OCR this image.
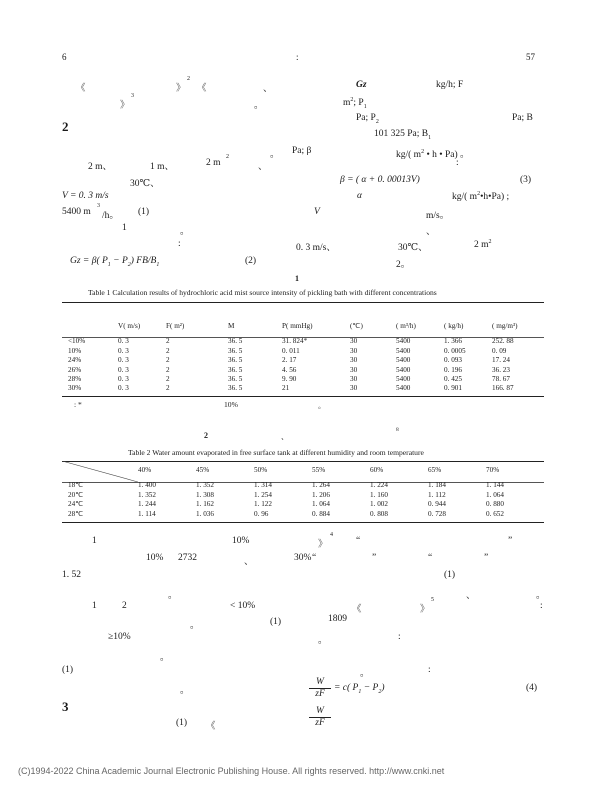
6	:	57
《	》
2
《	、
》
3
。
2
2 m、	1 m、	2 m
2
、
30℃、
V = 0. 3 m/s
5400 m
3
/h。 (1)
1	。
:
Gz = β( $P_1 - P_2$) $FB/B_1$	(2)
Gz	kg/h; F
$m^2$; $P_1$
Pa; $P_2$	Pa; B
101 325 Pa; $B_1$
。 Pa; β	kg/( $m^2$ • h • Pa) 。
:
β = ( α + 0. 00013V)	(3)
α	kg/( $m^2•h•Pa$) ;
V	m/s。
、
0. 3 m/s、	30℃、	2 $m^2$
2。
1
Table 1 Calculation results of hydrochloric acid mist source intensity of pickling bath with different concentrations
	V( m/s)	F( m²)	M	P( mmHg)	(℃)	( m³/h)	( kg/h)	( mg/m³)

<10%	0. 3	2	36. 5	31. 824*	30	5400	1. 366	252. 88
10%	0. 3	2	36. 5	0. 011	30	5400	0. 0005	0. 09
24%	0. 3	2	36. 5	2. 17	30	5400	0. 093	17. 24
26%	0. 3	2	36. 5	4. 56	30	5400	0. 196	36. 23
28%	0. 3	2	36. 5	9. 90	30	5400	0. 425	78. 67
30%	0. 3	2	36. 5	21	30	5400	0. 901	166. 87
: *	10%	。
2	、
8
Table 2 Water amount evaporated in free surface tank at different humidity and room temperature
	40%	45%	50%	55%	60%	65%	70%

18℃	1. 400	1. 352	1. 314	1. 264	1. 224	1. 184	1. 144
20℃	1. 352	1. 308	1. 254	1. 206	1. 160	1. 112	1. 064
24℃	1. 244	1. 162	1. 122	1. 064	1. 002	0. 944	0. 880
28℃	1. 114	1. 036	0. 96	0. 884	0. 808	0. 728	0. 652
1	10%	》
4
“	”
10% 2732	、	30% “	”	“	”
1. 52	(1)
。	、	。
1	2	< 10%	《	》
5
:
。	(1)	1809
≥10%	。	:
。
(1)	。	:
。
W
zF
= c( $P_1 - P_2$)	(4)
3
(1) 《
W
zF
(C)1994-2022 China Academic Journal Electronic Publishing House. All rights reserved. http://www.cnki.net
